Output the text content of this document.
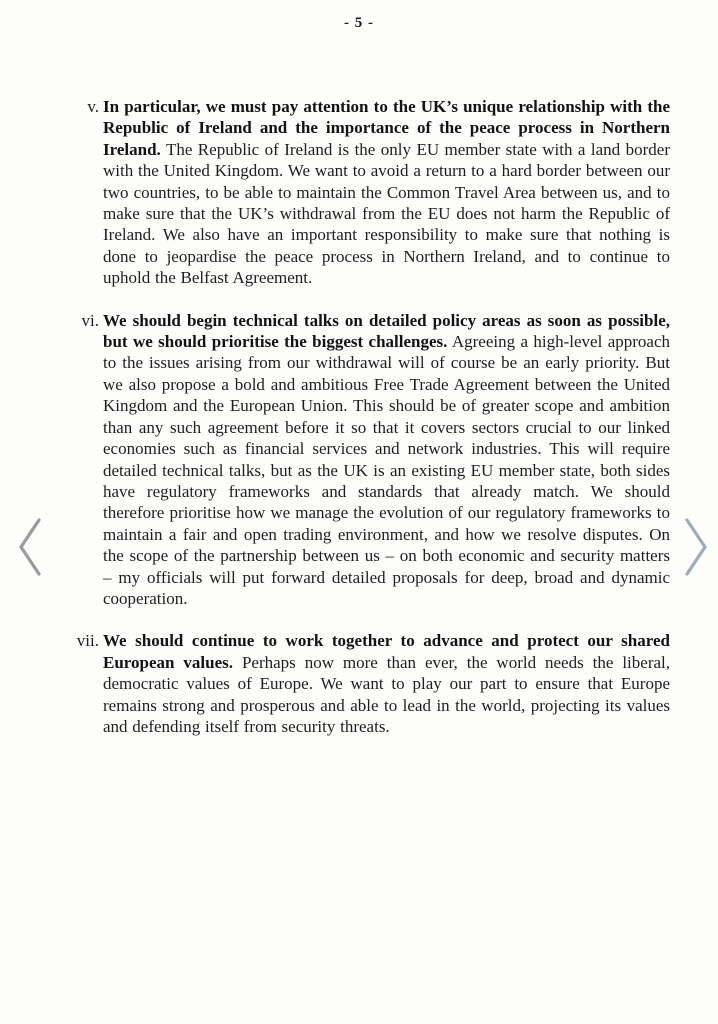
- 5 -
v. In particular, we must pay attention to the UK’s unique relationship with the Republic of Ireland and the importance of the peace process in Northern Ireland. The Republic of Ireland is the only EU member state with a land border with the United Kingdom. We want to avoid a return to a hard border between our two countries, to be able to maintain the Common Travel Area between us, and to make sure that the UK’s withdrawal from the EU does not harm the Republic of Ireland. We also have an important responsibility to make sure that nothing is done to jeopardise the peace process in Northern Ireland, and to continue to uphold the Belfast Agreement.
vi. We should begin technical talks on detailed policy areas as soon as possible, but we should prioritise the biggest challenges. Agreeing a high-level approach to the issues arising from our withdrawal will of course be an early priority. But we also propose a bold and ambitious Free Trade Agreement between the United Kingdom and the European Union. This should be of greater scope and ambition than any such agreement before it so that it covers sectors crucial to our linked economies such as financial services and network industries. This will require detailed technical talks, but as the UK is an existing EU member state, both sides have regulatory frameworks and standards that already match. We should therefore prioritise how we manage the evolution of our regulatory frameworks to maintain a fair and open trading environment, and how we resolve disputes. On the scope of the partnership between us – on both economic and security matters – my officials will put forward detailed proposals for deep, broad and dynamic cooperation.
vii. We should continue to work together to advance and protect our shared European values. Perhaps now more than ever, the world needs the liberal, democratic values of Europe. We want to play our part to ensure that Europe remains strong and prosperous and able to lead in the world, projecting its values and defending itself from security threats.
